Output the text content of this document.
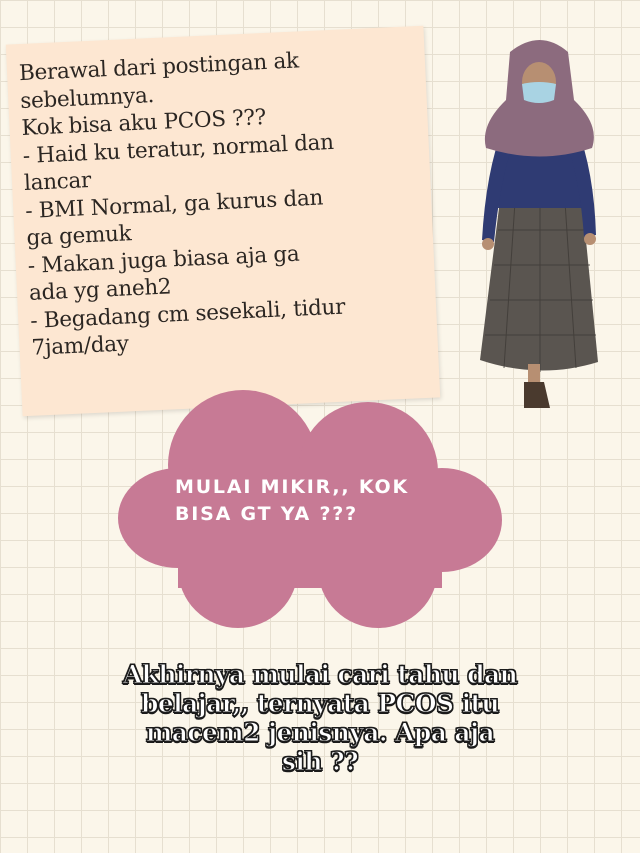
Berawal dari postingan ak
sebelumnya.
Kok bisa aku PCOS ???
- Haid ku teratur, normal dan
lancar
- BMI Normal, ga kurus dan
ga gemuk
- Makan juga biasa aja ga
ada yg aneh2
- Begadang cm sesekali, tidur
7jam/day
MULAI MIKIR,, KOK
BISA GT YA ???
Akhirnya mulai cari tahu dan
belajar,, ternyata PCOS itu
macem2 jenisnya. Apa aja
sih ??
